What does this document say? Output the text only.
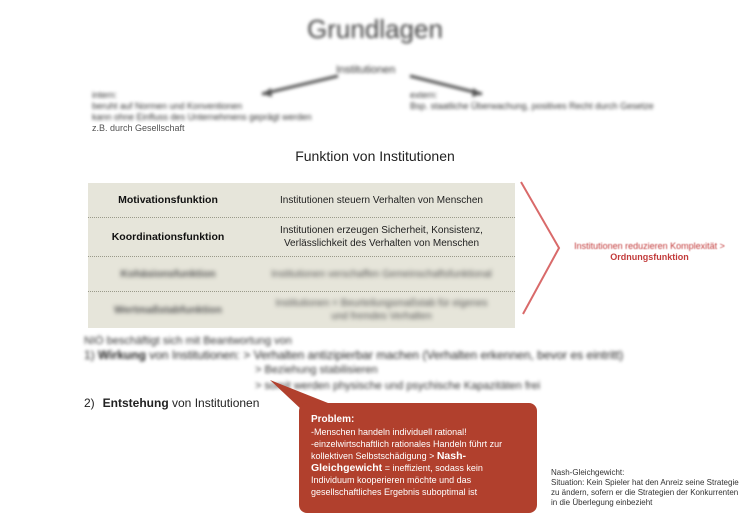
Grundlagen
Institutionen
intern:
beruht auf Normen und Konventionen
kann ohne Einfluss des Unternehmens geprägt werden
z.B. durch Gesellschaft
extern:
Bsp. staatliche Überwachung, positives Recht durch Gesetze
Funktion von Institutionen
Motivationsfunktion	Institutionen steuern Verhalten von Menschen
Koordinationsfunktion
Institutionen erzeugen Sicherheit, Konsistenz, Verlässlichkeit des Verhalten von Menschen
Kohäsionsfunktion	Institutionen verschaffen Gemeinschaftsfunktional
Wertmaßstabfunktion
Institutionen = Beurteilungsmaßstab für eigenes und fremdes Verhalten
Institutionen reduzieren Komplexität >
Ordnungsfunktion
NIÖ beschäftigt sich mit Beantwortung von
1) Wirkung von Institutionen: > Verhalten antizipierbar machen (Verhalten erkennen, bevor es eintritt)
> Beziehung stabilisieren
> somit werden physische und psychische Kapazitäten frei
2) Entstehung von Institutionen
Problem:
-Menschen handeln individuell rational!
-einzelwirtschaftlich rationales Handeln führt zur kollektiven Selbstschädigung > Nash-Gleichgewicht = ineffizient, sodass kein Individuum kooperieren möchte und das gesellschaftliches Ergebnis suboptimal ist
Nash-Gleichgewicht:
Situation: Kein Spieler hat den Anreiz seine Strategie zu ändern, sofern er die Strategien der Konkurrenten in die Überlegung einbezieht
